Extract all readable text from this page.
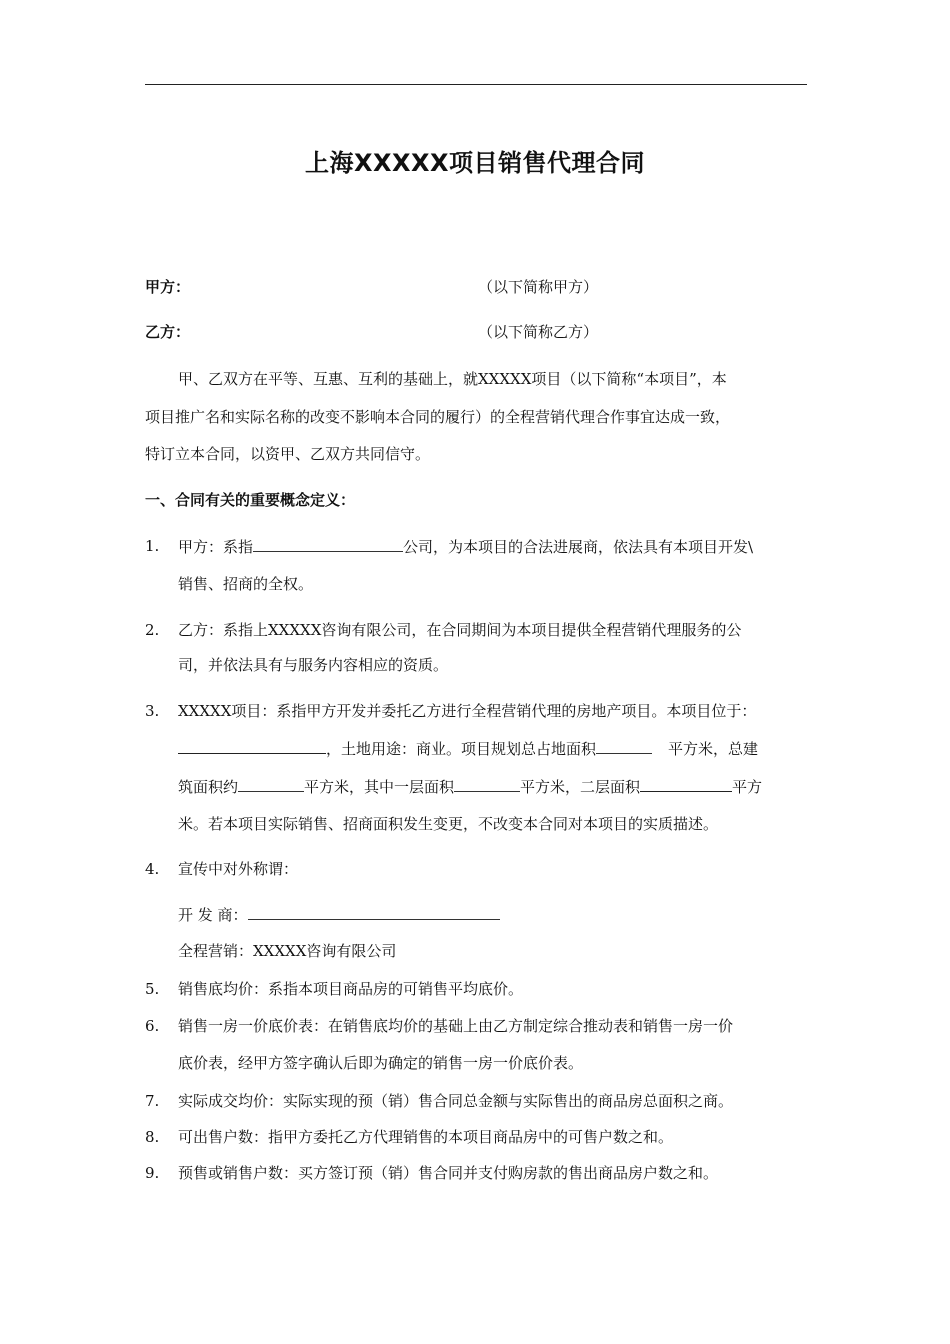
上海XXXXX项目销售代理合同
甲方：	（以下简称甲方）
乙方：	（以下简称乙方）
甲、乙双方在平等、互惠、互利的基础上，就XXXXX项目（以下简称“本项目”，本
项目推广名和实际名称的改变不影响本合同的履行）的全程营销代理合作事宜达成一致，
特订立本合同，以资甲、乙双方共同信守。
一、合同有关的重要概念定义：
1. 甲方：系指	公司，为本项目的合法进展商，依法具有本项目开发\
销售、招商的全权。
2. 乙方：系指上XXXXX咨询有限公司，在合同期间为本项目提供全程营销代理服务的公
司，并依法具有与服务内容相应的资质。
3. XXXXX项目：系指甲方开发并委托乙方进行全程营销代理的房地产项目。本项目位于：
，土地用途：商业。项目规划总占地面积	平方米，总建
筑面积约	平方米，其中一层面积	平方米，二层面积	平方
米。若本项目实际销售、招商面积发生变更，不改变本合同对本项目的实质描述。
4. 宣传中对外称谓：
开 发 商：
全程营销：XXXXX咨询有限公司
5. 销售底均价：系指本项目商品房的可销售平均底价。
6. 销售一房一价底价表：在销售底均价的基础上由乙方制定综合推动表和销售一房一价
底价表，经甲方签字确认后即为确定的销售一房一价底价表。
7. 实际成交均价：实际实现的预（销）售合同总金额与实际售出的商品房总面积之商。
8. 可出售户数：指甲方委托乙方代理销售的本项目商品房中的可售户数之和。
9. 预售或销售户数：买方签订预（销）售合同并支付购房款的售出商品房户数之和。
